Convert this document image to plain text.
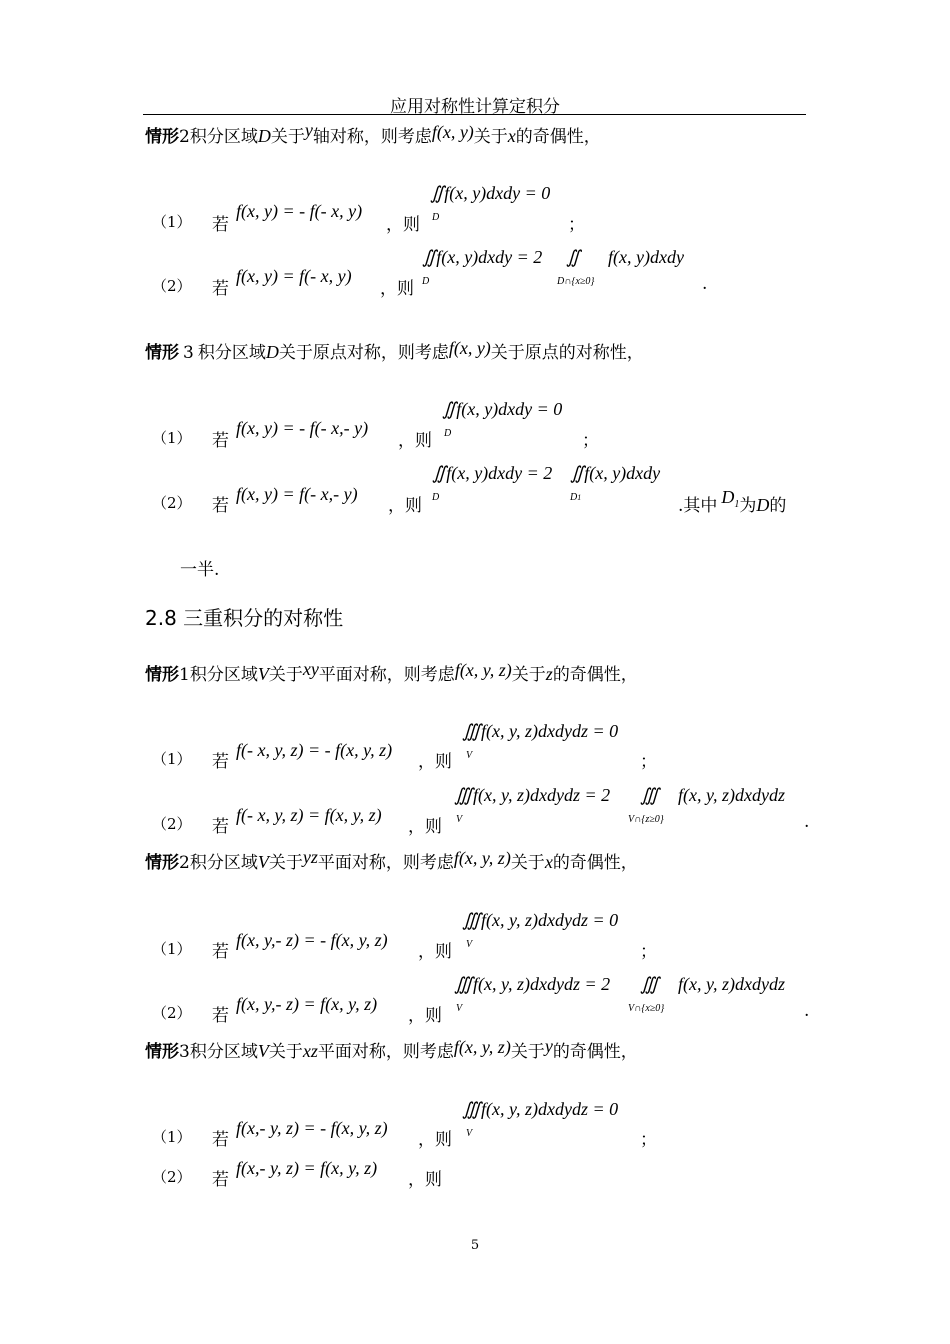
应用对称性计算定积分
情形2积分区域D关于y轴对称，则考虑f(x, y)关于x的奇偶性，
（1） 若
f(x, y) = - f(- x, y)
，则
∬f(x, y)dxdy = 0
D	；
（2） 若
f(x, y) = f(- x, y)
，则
∬f(x, y)dxdy = 2 ∬ f(x, y)dxdy
D	D∩{x≥0}	.
情形 3 积分区域D关于原点对称，则考虑f(x, y)关于原点的对称性，
（1） 若
f(x, y) = - f(- x,- y)
，则
∬f(x, y)dxdy = 0
D	；
（2） 若
f(x, y) = f(- x,- y)
，则
∬f(x, y)dxdy = 2 ∬f(x, y)dxdy
D	D1	.其中 $D^1$为D的
一半.
2.8 三重积分的对称性
情形1积分区域V关于xy平面对称，则考虑f(x, y, z)关于z的奇偶性，
（1） 若
f(- x, y, z) = - f(x, y, z)
，则
∭f(x, y, z)dxdydz = 0
V	；
（2） 若
f(- x, y, z) = f(x, y, z)
，则
∭f(x, y, z)dxdydz = 2 ∭ f(x, y, z)dxdydz
V	V∩{z≥0}	.
情形2积分区域V关于yz平面对称，则考虑f(x, y, z)关于x的奇偶性，
（1） 若
f(x, y,- z) = - f(x, y, z)
，则
∭f(x, y, z)dxdydz = 0
V	；
（2） 若
f(x, y,- z) = f(x, y, z)
，则
∭f(x, y, z)dxdydz = 2 ∭ f(x, y, z)dxdydz
V	V∩{x≥0}	.
情形3积分区域V关于xz平面对称，则考虑f(x, y, z)关于y的奇偶性，
（1） 若
f(x,- y, z) = - f(x, y, z)
，则
∭f(x, y, z)dxdydz = 0
V	；
（2） 若
f(x,- y, z) = f(x, y, z)
，则
5
